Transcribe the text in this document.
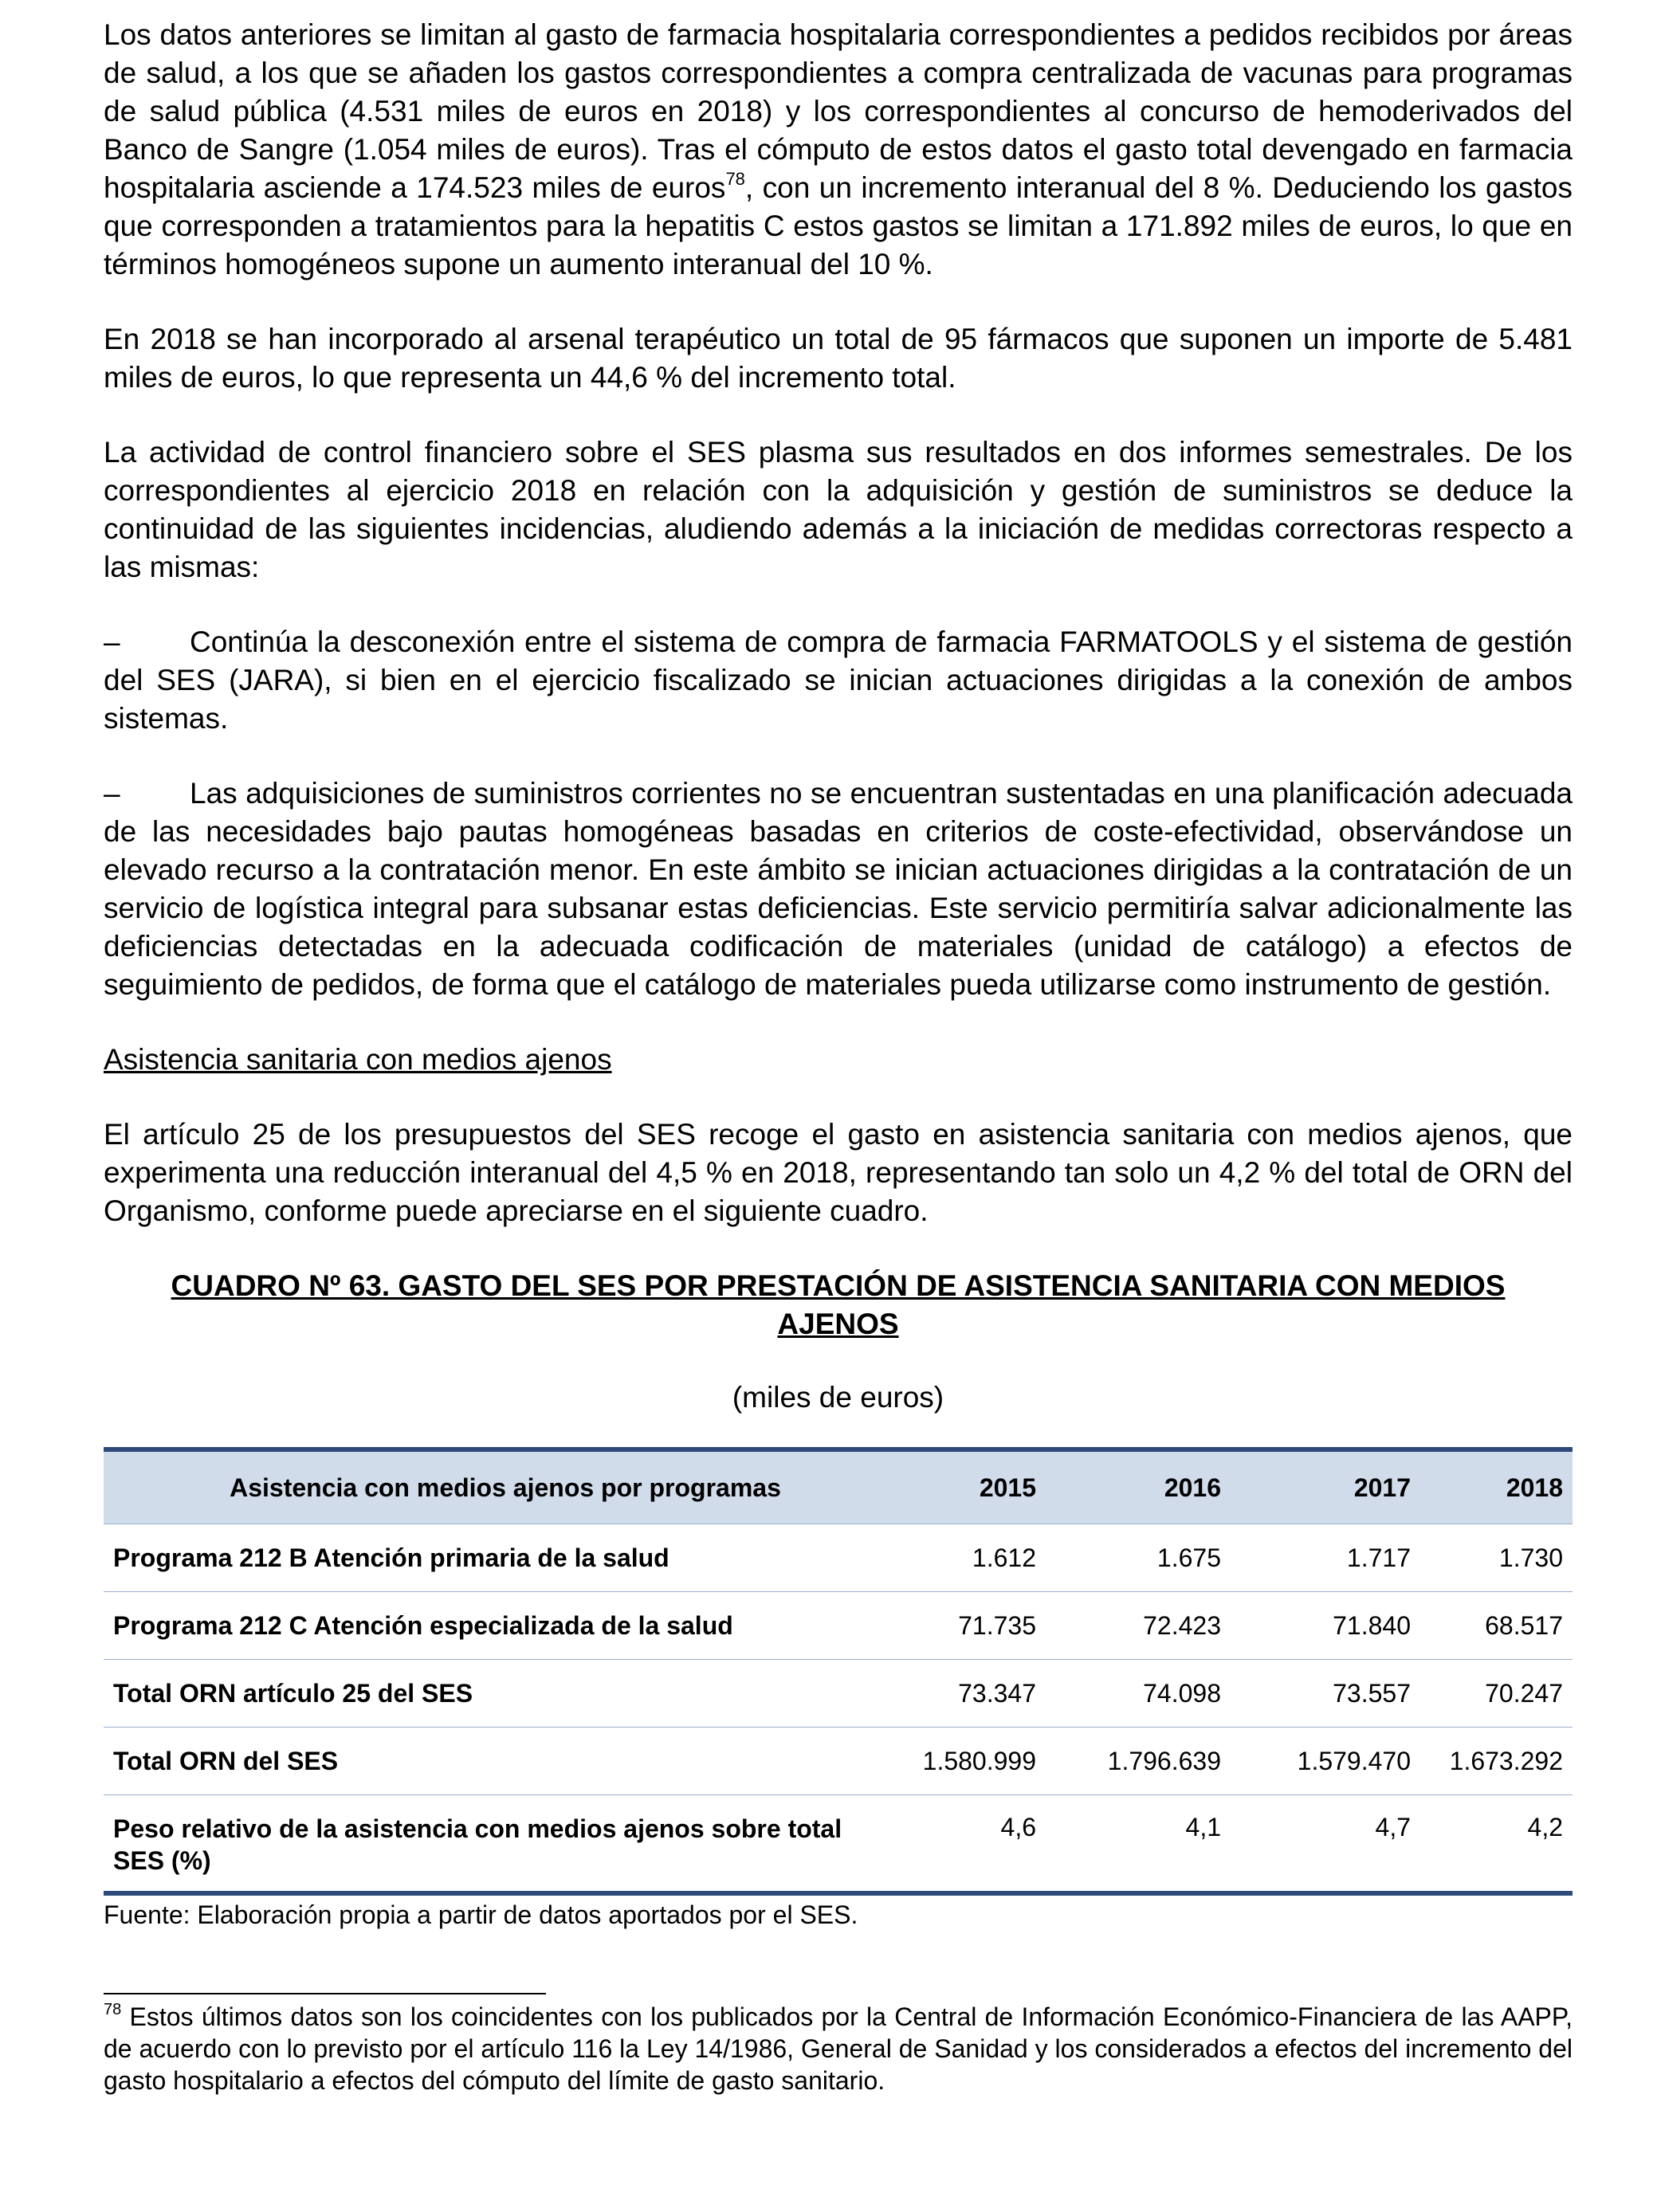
Los datos anteriores se limitan al gasto de farmacia hospitalaria correspondientes a pedidos recibidos por áreas de salud, a los que se añaden los gastos correspondientes a compra centralizada de vacunas para programas de salud pública (4.531 miles de euros en 2018) y los correspondientes al concurso de hemoderivados del Banco de Sangre (1.054 miles de euros). Tras el cómputo de estos datos el gasto total devengado en farmacia hospitalaria asciende a 174.523 miles de euros$^{78}$, con un incremento interanual del 8 %. Deduciendo los gastos que corresponden a tratamientos para la hepatitis C estos gastos se limitan a 171.892 miles de euros, lo que en términos homogéneos supone un aumento interanual del 10 %.

En 2018 se han incorporado al arsenal terapéutico un total de 95 fármacos que suponen un importe de 5.481 miles de euros, lo que representa un 44,6 % del incremento total.

La actividad de control financiero sobre el SES plasma sus resultados en dos informes semestrales. De los correspondientes al ejercicio 2018 en relación con la adquisición y gestión de suministros se deduce la continuidad de las siguientes incidencias, aludiendo además a la iniciación de medidas correctoras respecto a las mismas:

– Continúa la desconexión entre el sistema de compra de farmacia FARMATOOLS y el sistema de gestión del SES (JARA), si bien en el ejercicio fiscalizado se inician actuaciones dirigidas a la conexión de ambos sistemas.

– Las adquisiciones de suministros corrientes no se encuentran sustentadas en una planificación adecuada de las necesidades bajo pautas homogéneas basadas en criterios de coste-efectividad, observándose un elevado recurso a la contratación menor. En este ámbito se inician actuaciones dirigidas a la contratación de un servicio de logística integral para subsanar estas deficiencias. Este servicio permitiría salvar adicionalmente las deficiencias detectadas en la adecuada codificación de materiales (unidad de catálogo) a efectos de seguimiento de pedidos, de forma que el catálogo de materiales pueda utilizarse como instrumento de gestión.

Asistencia sanitaria con medios ajenos

El artículo 25 de los presupuestos del SES recoge el gasto en asistencia sanitaria con medios ajenos, que experimenta una reducción interanual del 4,5 % en 2018, representando tan solo un 4,2 % del total de ORN del Organismo, conforme puede apreciarse en el siguiente cuadro.

CUADRO Nº 63. GASTO DEL SES POR PRESTACIÓN DE ASISTENCIA SANITARIA CON MEDIOS AJENOS
(miles de euros)
Asistencia con medios ajenos por programas	2015	2016	2017	2018
Programa 212 B Atención primaria de la salud	1.612	1.675	1.717	1.730
Programa 212 C Atención especializada de la salud	71.735	72.423	71.840	68.517
Total ORN artículo 25 del SES	73.347	74.098	73.557	70.247
Total ORN del SES	1.580.999	1.796.639	1.579.470	1.673.292
Peso relativo de la asistencia con medios ajenos sobre total SES (%)	4,6	4,1	4,7	4,2
Fuente: Elaboración propia a partir de datos aportados por el SES.
$^{78}$ Estos últimos datos son los coincidentes con los publicados por la Central de Información Económico-Financiera de las AAPP, de acuerdo con lo previsto por el artículo 116 la Ley 14/1986, General de Sanidad y los considerados a efectos del incremento del gasto hospitalario a efectos del cómputo del límite de gasto sanitario.
